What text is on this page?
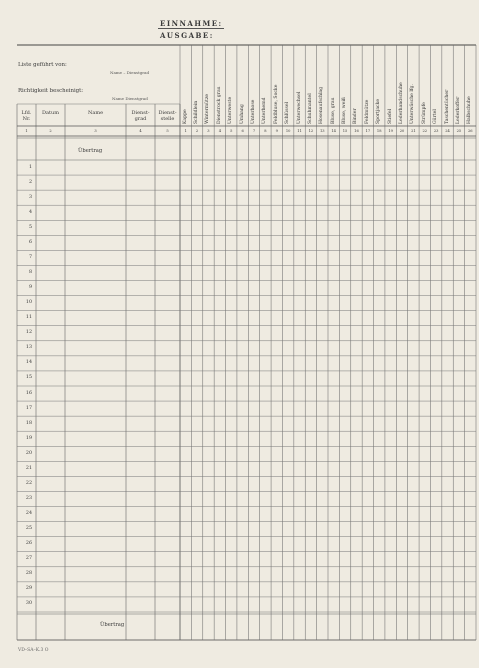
EINNAHME:
AUSGABE:
Liste geführt von:
Name – Dienstgrad
Richtigkeit bescheinigt:
Name Dienstgrad
Lfd. Nr.
1
Datum
2
Name
3
Dienst- grad
4
Dienst- stelle
5
Kappe
1
Schildlein
2
Wintermütze
3
Dienstrock grau
4
Unterweste
5
Umhang
6
Unterhose
7
Unterhemd
8
Feldbluse, Socke
9
Schlüssel
10
Unterwechsel
11
Schuhmantel
12
Hosenaufschlag
13
Bluse, grau
14
Bluse, weiß
15
Binder
16
Feldmütze
17
Sportjacke
18
Stiefel
19
Lederhandschuhe
20
Unterwäsche lfg.
21
Strümpfe
22
Gürtel
23
Taschentücher
24
Lederkoffer
25
Halbschuhe
26
1
2
3
4
5
6
7
8
9
10
11
12
13
14
15
16
17
18
19
20
21
22
23
24
25
26
27
28
29
30
Übertrag
Übertrag
VD–SA–K.3 O
